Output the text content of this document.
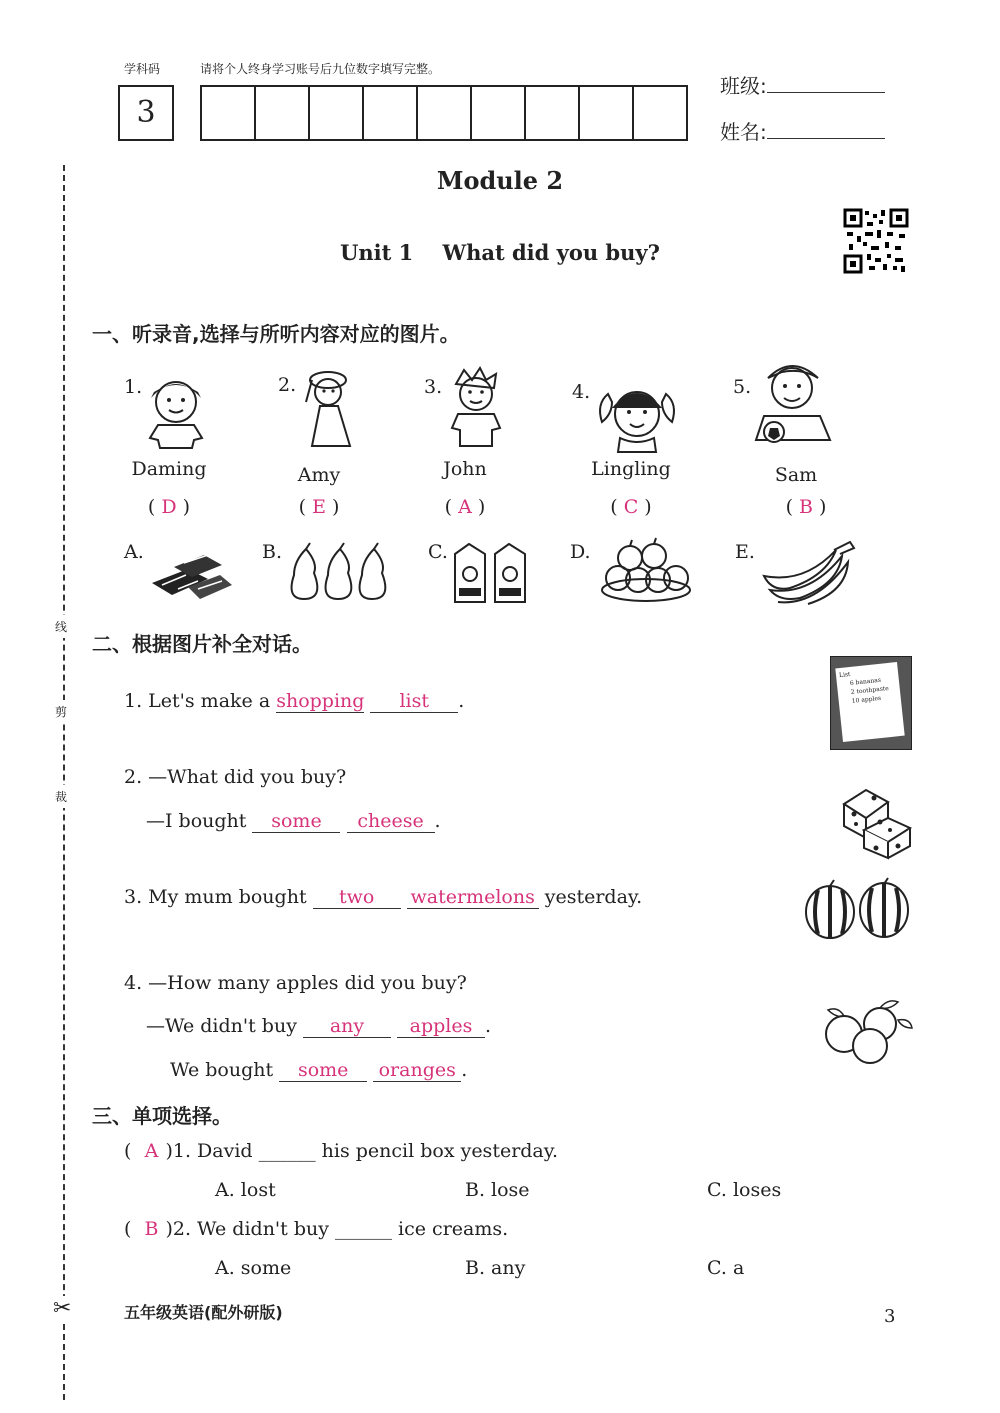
学科码	请将个人终身学习账号后九位数字填写完整。
3
班级:
姓名:
Module 2
Unit 1    What did you buy?
线
剪
裁
✂
一、听录音,选择与所听内容对应的图片。
1.
Daming
( D )
2.
Amy
( E )
3.
John
( A )
4.
Lingling
( C )
5.
Sam
( B )
A.	B.	C.	D.	E.
二、根据图片补全对话。
1. Let's make a shopping list .
List
6 bananas
2 toothpaste
10 apples
2. —What did you buy?
—I bought some cheese .
3. My mum bought two watermelons yesterday.
4. —How many apples did you buy?
—We didn't buy any apples .
We bought some oranges .
三、单项选择。
( A )1. David ______ his pencil box yesterday.
A. lost	B. lose	C. loses
( B )2. We didn't buy ______ ice creams.
A. some	B. any	C. a
五年级英语(配外研版)	3
